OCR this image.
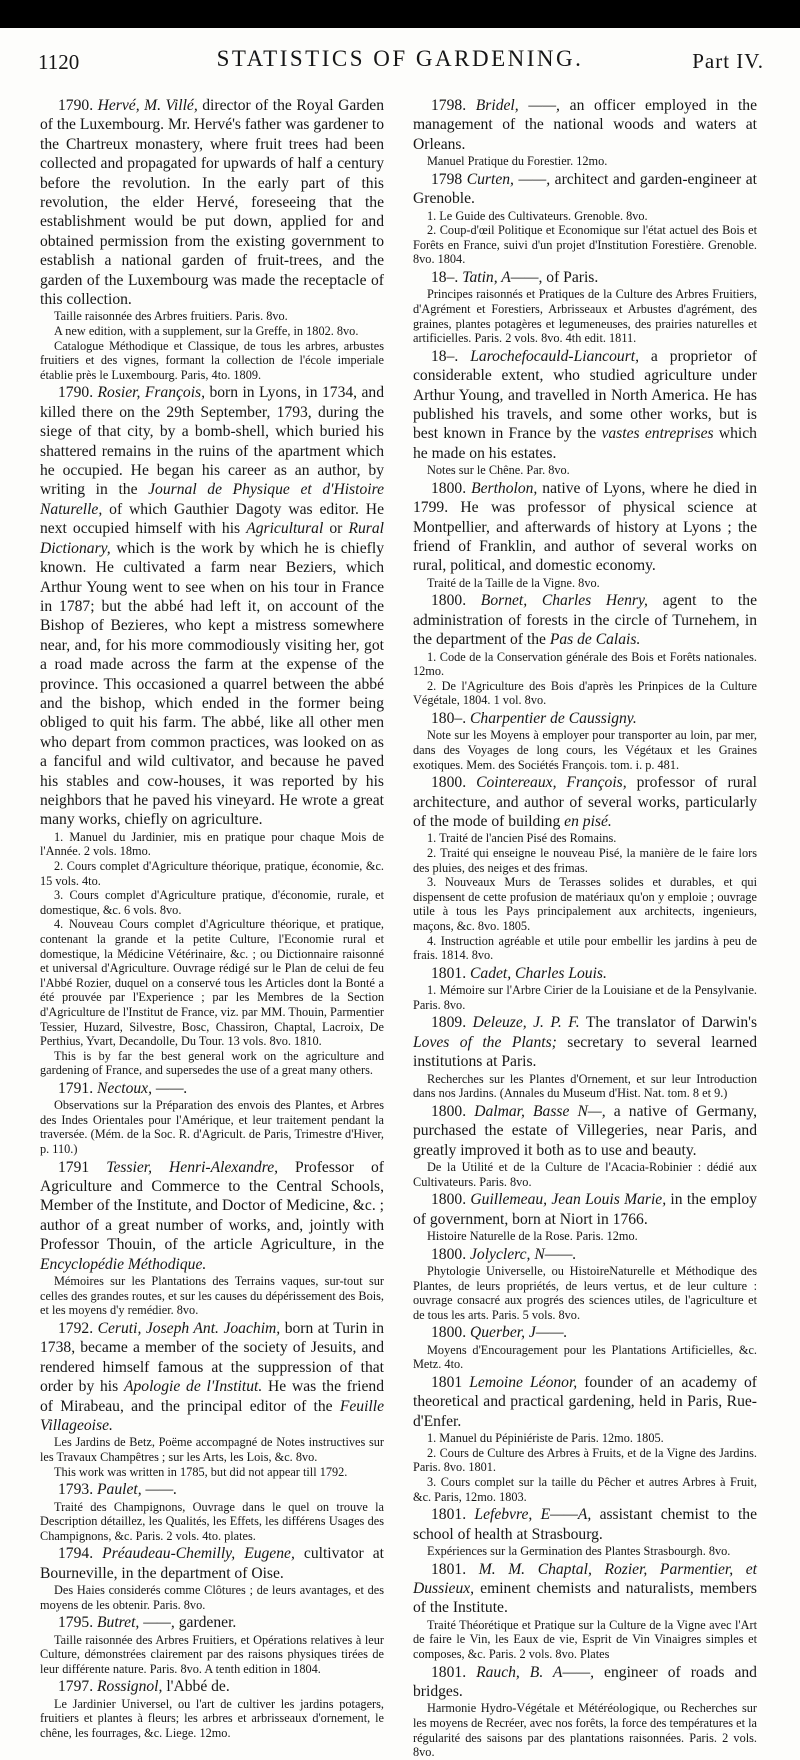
1120	STATISTICS OF GARDENING.	Part IV.

1790. Hervé, M. Villé, director of the Royal Garden of the Luxembourg. Mr. Hervé's father was gardener to the Chartreux monastery, where fruit trees had been collected and propagated for upwards of half a century before the revolution. In the early part of this revolution, the elder Hervé, foreseeing that the establishment would be put down, applied for and obtained permission from the existing government to establish a national garden of fruit-trees, and the garden of the Luxembourg was made the receptacle of this collection.

Taille raisonnée des Arbres fruitiers. Paris. 8vo.

A new edition, with a supplement, sur la Greffe, in 1802. 8vo.

Catalogue Méthodique et Classique, de tous les arbres, arbustes fruitiers et des vignes, formant la collection de l'école imperiale établie près le Luxembourg. Paris, 4to. 1809.

1790. Rosier, François, born in Lyons, in 1734, and killed there on the 29th September, 1793, during the siege of that city, by a bomb-shell, which buried his shattered remains in the ruins of the apartment which he occupied. He began his career as an author, by writing in the Journal de Physique et d'Histoire Naturelle, of which Gauthier Dagoty was editor. He next occupied himself with his Agricultural or Rural Dictionary, which is the work by which he is chiefly known. He cultivated a farm near Beziers, which Arthur Young went to see when on his tour in France in 1787; but the abbé had left it, on account of the Bishop of Bezieres, who kept a mistress somewhere near, and, for his more commodiously visiting her, got a road made across the farm at the expense of the province. This occasioned a quarrel between the abbé and the bishop, which ended in the former being obliged to quit his farm. The abbé, like all other men who depart from common practices, was looked on as a fanciful and wild cultivator, and because he paved his stables and cow-houses, it was reported by his neighbors that he paved his vineyard. He wrote a great many works, chiefly on agriculture.

1. Manuel du Jardinier, mis en pratique pour chaque Mois de l'Année. 2 vols. 18mo.

2. Cours complet d'Agriculture théorique, pratique, économie, &c. 15 vols. 4to.

3. Cours complet d'Agriculture pratique, d'économie, rurale, et domestique, &c. 6 vols. 8vo.

4. Nouveau Cours complet d'Agriculture théorique, et pratique, contenant la grande et la petite Culture, l'Economie rural et domestique, la Médicine Vétérinaire, &c. ; ou Dictionnaire raisonné et universal d'Agriculture. Ouvrage rédigé sur le Plan de celui de feu l'Abbé Rozier, duquel on a conservé tous les Articles dont la Bonté a été prouvée par l'Experience ; par les Membres de la Section d'Agriculture de l'Institut de France, viz. par MM. Thouin, Parmentier Tessier, Huzard, Silvestre, Bosc, Chassiron, Chaptal, Lacroix, De Perthius, Yvart, Decandolle, Du Tour. 13 vols. 8vo. 1810.

This is by far the best general work on the agriculture and gardening of France, and supersedes the use of a great many others.

1791. Nectoux, ——.

Observations sur la Préparation des envois des Plantes, et Arbres des Indes Orientales pour l'Amérique, et leur traitement pendant la traversée. (Mém. de la Soc. R. d'Agricult. de Paris, Trimestre d'Hiver, p. 110.)

1791 Tessier, Henri-Alexandre, Professor of Agriculture and Commerce to the Central Schools, Member of the Institute, and Doctor of Medicine, &c. ; author of a great number of works, and, jointly with Professor Thouin, of the article Agriculture, in the Encyclopédie Méthodique.

Mémoires sur les Plantations des Terrains vaques, sur-tout sur celles des grandes routes, et sur les causes du dépérissement des Bois, et les moyens d'y remédier. 8vo.

1792. Ceruti, Joseph Ant. Joachim, born at Turin in 1738, became a member of the society of Jesuits, and rendered himself famous at the suppression of that order by his Apologie de l'Institut. He was the friend of Mirabeau, and the principal editor of the Feuille Villageoise.

Les Jardins de Betz, Poëme accompagné de Notes instructives sur les Travaux Champêtres ; sur les Arts, les Lois, &c. 8vo.

This work was written in 1785, but did not appear till 1792.

1793. Paulet, ——.

Traité des Champignons, Ouvrage dans le quel on trouve la Description détaillez, les Qualités, les Effets, les différens Usages des Champignons, &c. Paris. 2 vols. 4to. plates.

1794. Préaudeau-Chemilly, Eugene, cultivator at Bourneville, in the department of Oise.

Des Haies considerés comme Clôtures ; de leurs avantages, et des moyens de les obtenir. Paris. 8vo.

1795. Butret, ——, gardener.

Taille raisonnée des Arbres Fruitiers, et Opérations relatives à leur Culture, démonstrées clairement par des raisons physiques tirées de leur différente nature. Paris. 8vo. A tenth edition in 1804.

1797. Rossignol, l'Abbé de.

Le Jardinier Universel, ou l'art de cultiver les jardins potagers, fruitiers et plantes à fleurs; les arbres et arbrisseaux d'ornement, le chêne, les fourrages, &c. Liege. 12mo.

1798. Bridel, ——, an officer employed in the management of the national woods and waters at Orleans.

Manuel Pratique du Forestier. 12mo.

1798 Curten, ——, architect and garden-engineer at Grenoble.

1. Le Guide des Cultivateurs. Grenoble. 8vo.

2. Coup-d'œil Politique et Economique sur l'état actuel des Bois et Forêts en France, suivi d'un projet d'Institution Forestière. Grenoble. 8vo. 1804.

18–. Tatin, A——, of Paris.

Principes raisonnés et Pratiques de la Culture des Arbres Fruitiers, d'Agrément et Forestiers, Arbrisseaux et Arbustes d'agrément, des graines, plantes potagères et legumeneuses, des prairies naturelles et artificielles. Paris. 2 vols. 8vo. 4th edit. 1811.

18–. Larochefocauld-Liancourt, a proprietor of considerable extent, who studied agriculture under Arthur Young, and travelled in North America. He has published his travels, and some other works, but is best known in France by the vastes entreprises which he made on his estates.

Notes sur le Chêne. Par. 8vo.

1800. Bertholon, native of Lyons, where he died in 1799. He was professor of physical science at Montpellier, and afterwards of history at Lyons ; the friend of Franklin, and author of several works on rural, political, and domestic economy.

Traité de la Taille de la Vigne. 8vo.

1800. Bornet, Charles Henry, agent to the administration of forests in the circle of Turnehem, in the department of the Pas de Calais.

1. Code de la Conservation générale des Bois et Forêts nationales. 12mo.

2. De l'Agriculture des Bois d'après les Prinpices de la Culture Végétale, 1804. 1 vol. 8vo.

180–. Charpentier de Caussigny.

Note sur les Moyens à employer pour transporter au loin, par mer, dans des Voyages de long cours, les Végétaux et les Graines exotiques. Mem. des Sociétés François. tom. i. p. 481.

1800. Cointereaux, François, professor of rural architecture, and author of several works, particularly of the mode of building en pisé.

1. Traité de l'ancien Pisé des Romains.

2. Traité qui enseigne le nouveau Pisé, la manière de le faire lors des pluies, des neiges et des frimas.

3. Nouveaux Murs de Terasses solides et durables, et qui dispensent de cette profusion de matériaux qu'on y emploie ; ouvrage utile à tous les Pays principalement aux architects, ingenieurs, maçons, &c. 8vo. 1805.

4. Instruction agréable et utile pour embellir les jardins à peu de frais. 1814. 8vo.

1801. Cadet, Charles Louis.

1. Mémoire sur l'Arbre Cirier de la Louisiane et de la Pensylvanie. Paris. 8vo.

1809. Deleuze, J. P. F. The translator of Darwin's Loves of the Plants; secretary to several learned institutions at Paris.

Recherches sur les Plantes d'Ornement, et sur leur Introduction dans nos Jardins. (Annales du Museum d'Hist. Nat. tom. 8 et 9.)

1800. Dalmar, Basse N—, a native of Germany, purchased the estate of Villegeries, near Paris, and greatly improved it both as to use and beauty.

De la Utilité et de la Culture de l'Acacia-Robinier : dédié aux Cultivateurs. Paris. 8vo.

1800. Guillemeau, Jean Louis Marie, in the employ of government, born at Niort in 1766.

Histoire Naturelle de la Rose. Paris. 12mo.

1800. Jolyclerc, N——.

Phytologie Universelle, ou HistoireNaturelle et Méthodique des Plantes, de leurs propriétés, de leurs vertus, et de leur culture : ouvrage consacré aux progrés des sciences utiles, de l'agriculture et de tous les arts. Paris. 5 vols. 8vo.

1800. Querber, J——.

Moyens d'Encouragement pour les Plantations Artificielles, &c. Metz. 4to.

1801 Lemoine Léonor, founder of an academy of theoretical and practical gardening, held in Paris, Rue-d'Enfer.

1. Manuel du Pépiniériste de Paris. 12mo. 1805.

2. Cours de Culture des Arbres à Fruits, et de la Vigne des Jardins. Paris. 8vo. 1801.

3. Cours complet sur la taille du Pêcher et autres Arbres à Fruit, &c. Paris, 12mo. 1803.

1801. Lefebvre, E——A, assistant chemist to the school of health at Strasbourg.

Expériences sur la Germination des Plantes Strasbourgh. 8vo.

1801. M. M. Chaptal, Rozier, Parmentier, et Dussieux, eminent chemists and naturalists, members of the Institute.

Traité Théorétique et Pratique sur la Culture de la Vigne avec l'Art de faire le Vin, les Eaux de vie, Esprit de Vin Vinaigres simples et composes, &c. Paris. 2 vols. 8vo. Plates

1801. Rauch, B. A——, engineer of roads and bridges.

Harmonie Hydro-Végétale et Météréologique, ou Recherches sur les moyens de Recréer, avec nos forêts, la force des températures et la régularité des saisons par des plantations raisonnées. Paris. 2 vols. 8vo.
